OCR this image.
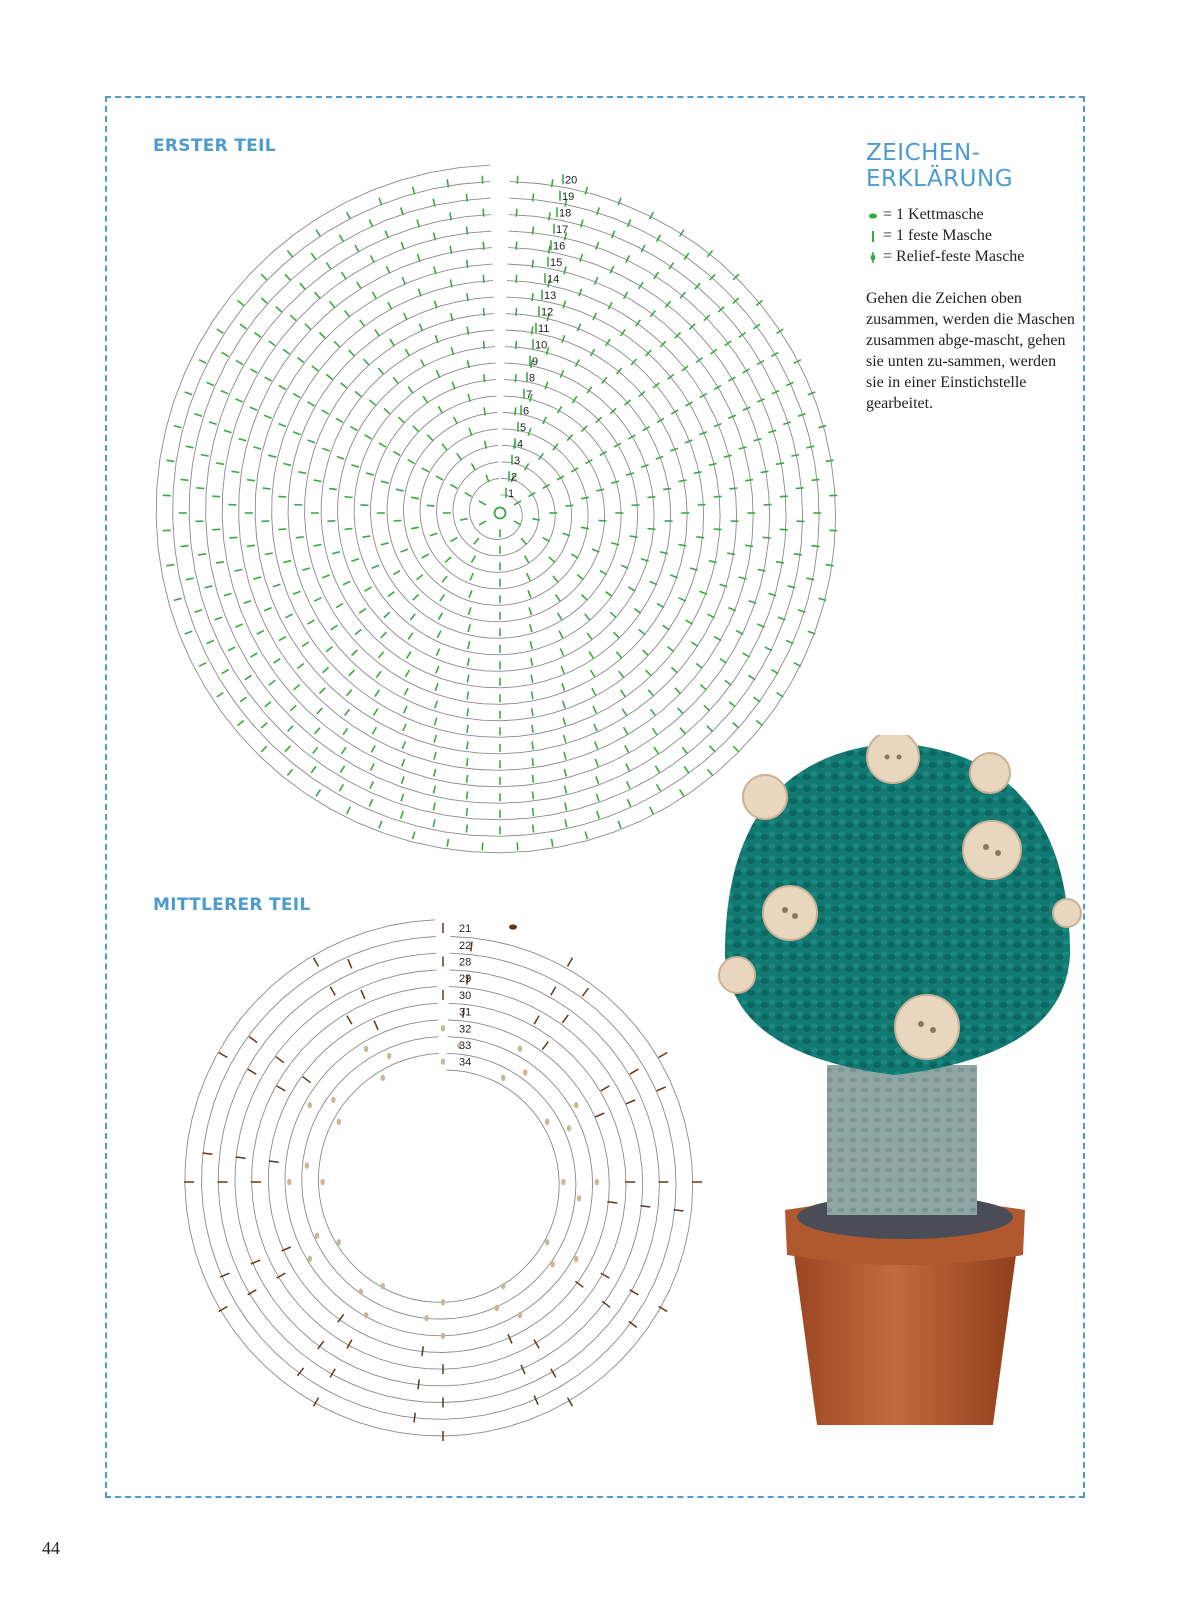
ERSTER TEIL
MITTLERER TEIL
ZEICHEN-
ERKLÄRUNG
= 1 Kettmasche
= 1 feste Masche
= Relief-feste Masche
Gehen die Zeichen oben zusammen, werden die Maschen zusammen abge-mascht, gehen sie unten zu-sammen, werden sie in einer Einstichstelle gearbeitet.
1
2
3
4
5
6
7
8
9
10
11
12
13
14
15
16
17
18
19
20
21
22
28
29
30
31
32
33
34
44
